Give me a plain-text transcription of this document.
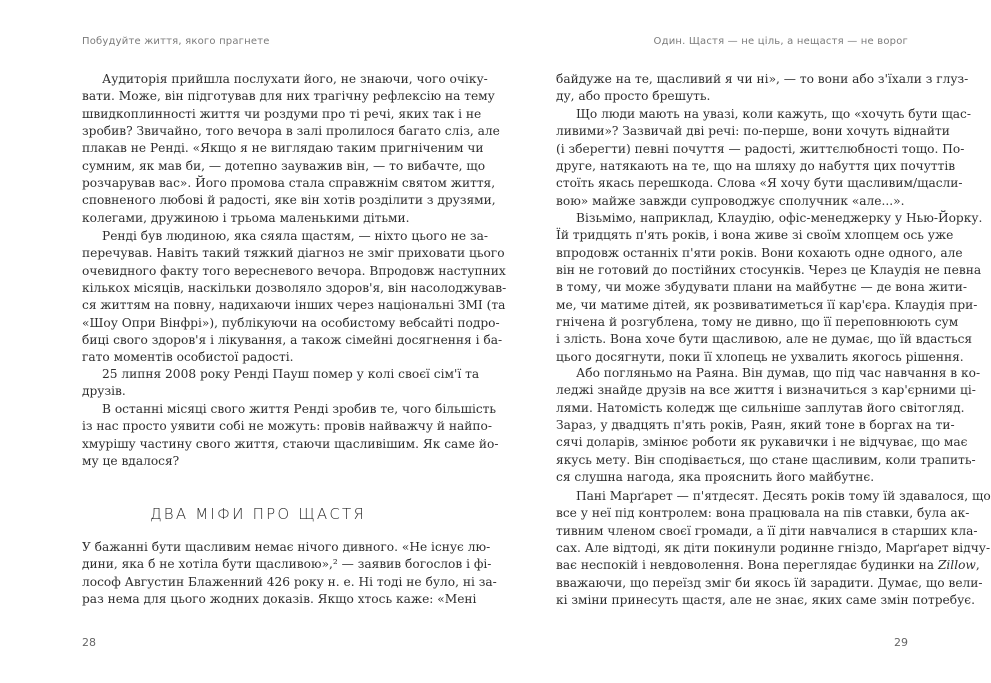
Побудуйте життя, якого прагнете	Один. Щастя — не ціль, а нещастя — не ворог
ДВА МІФИ ПРО ЩАСТЯ
28	29
Аудиторія прийшла послухати його, не знаючи, чого очіку-
вати. Може, він підготував для них трагічну рефлексію на тему
швидкоплинності життя чи роздуми про ті речі, яких так і не
зробив? Звичайно, того вечора в залі пролилося багато сліз, але
плакав не Ренді. «Якщо я не виглядаю таким пригніченим чи
сумним, як мав би, — дотепно зауважив він, — то вибачте, що
розчарував вас». Його промова стала справжнім святом життя,
сповненого любові й радості, яке він хотів розділити з друзями,
колегами, дружиною і трьома маленькими дітьми.
Ренді був людиною, яка сяяла щастям, — ніхто цього не за-
перечував. Навіть такий тяжкий діагноз не зміг приховати цього
очевидного факту того вересневого вечора. Впродовж наступних
кількох місяців, наскільки дозволяло здоров'я, він насолоджував-
ся життям на повну, надихаючи інших через національні ЗМІ (та
«Шоу Опри Вінфрі»), публікуючи на особистому вебсайті подро-
биці свого здоров'я і лікування, а також сімейні досягнення і ба-
гато моментів особистої радості.
25 липня 2008 року Ренді Пауш помер у колі своєї сім'ї та
друзів.
В останні місяці свого життя Ренді зробив те, чого більшість
із нас просто уявити собі не можуть: провів найважчу й найпо-
хмурішу частину свого життя, стаючи щасливішим. Як саме йо-
му це вдалося?
У бажанні бути щасливим немає нічого дивного. «Не існує лю-
дини, яка б не хотіла бути щасливою»,² — заявив богослов і фі-
лософ Августин Блаженний 426 року н. е. Ні тоді не було, ні за-
раз нема для цього жодних доказів. Якщо хтось каже: «Мені
байдуже на те, щасливий я чи ні», — то вони або з'їхали з глуз-
ду, або просто брешуть.
Що люди мають на увазі, коли кажуть, що «хочуть бути щас-
ливими»? Зазвичай дві речі: по-перше, вони хочуть віднайти
(і зберегти) певні почуття — радості, життєлюбності тощо. По-
друге, натякають на те, що на шляху до набуття цих почуттів
стоїть якась перешкода. Слова «Я хочу бути щасливим/щасли-
вою» майже завжди супроводжує сполучник «але...».
Візьмімо, наприклад, Клаудію, офіс-менеджерку у Нью-Йорку.
Їй тридцять п'ять років, і вона живе зі своїм хлопцем ось уже
впродовж останніх п'яти років. Вони кохають одне одного, але
він не готовий до постійних стосунків. Через це Клаудія не певна
в тому, чи може збудувати плани на майбутнє — де вона жити-
ме, чи матиме дітей, як розвиватиметься її кар'єра. Клаудія при-
гнічена й розгублена, тому не дивно, що її переповнюють сум
і злість. Вона хоче бути щасливою, але не думає, що їй вдасться
цього досягнути, поки її хлопець не ухвалить якогось рішення.
Або погляньмо на Раяна. Він думав, що під час навчання в ко-
леджі знайде друзів на все життя і визначиться з кар'єрними ці-
лями. Натомість коледж ще сильніше заплутав його світогляд.
Зараз, у двадцять п'ять років, Раян, який тоне в боргах на ти-
сячі доларів, змінює роботи як рукавички і не відчуває, що має
якусь мету. Він сподівається, що стане щасливим, коли трапить-
ся слушна нагода, яка прояснить його майбутнє.
Пані Марґарет — п'ятдесят. Десять років тому їй здавалося, що
все у неї під контролем: вона працювала на пів ставки, була ак-
тивним членом своєї громади, а її діти навчалися в старших кла-
сах. Але відтоді, як діти покинули родинне гніздо, Марґарет відчу-
ває неспокій і невдоволення. Вона переглядає будинки на Zillow,
вважаючи, що переїзд зміг би якось їй зарадити. Думає, що вели-
кі зміни принесуть щастя, але не знає, яких саме змін потребує.
